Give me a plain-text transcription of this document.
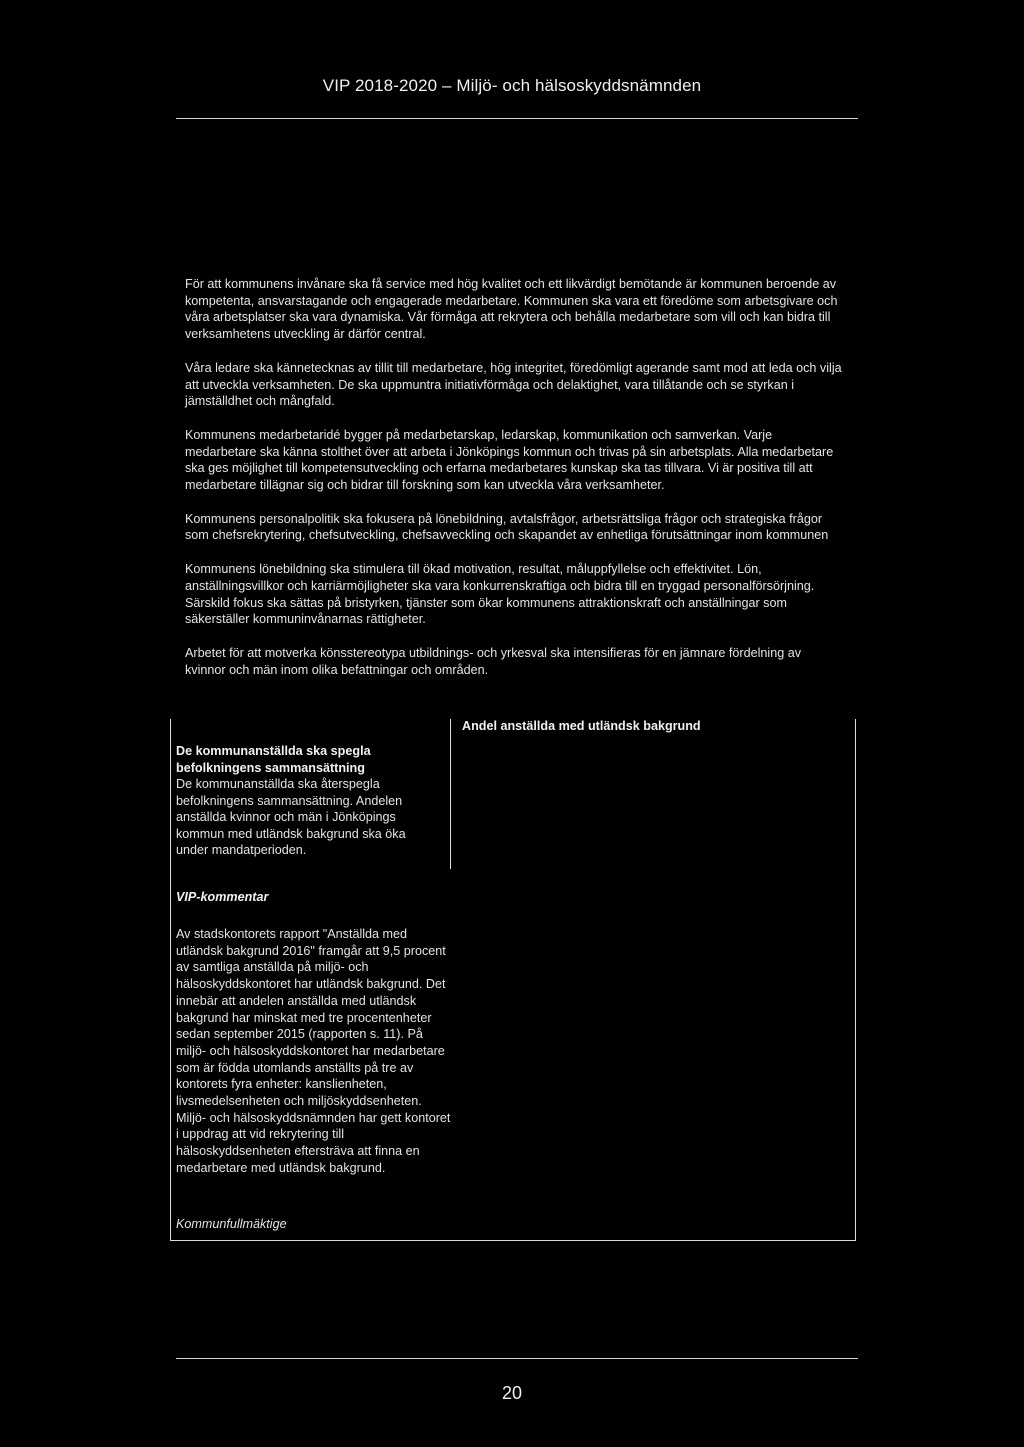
VIP 2018-2020 – Miljö- och hälsoskyddsnämnden

För att kommunens invånare ska få service med hög kvalitet och ett likvärdigt bemötande är kommunen beroende av kompetenta, ansvarstagande och engagerade medarbetare. Kommunen ska vara ett föredöme som arbetsgivare och våra arbetsplatser ska vara dynamiska. Vår förmåga att rekrytera och behålla medarbetare som vill och kan bidra till verksamhetens utveckling är därför central.

Våra ledare ska kännetecknas av tillit till medarbetare, hög integritet, föredömligt agerande samt mod att leda och vilja att utveckla verksamheten. De ska uppmuntra initiativförmåga och delaktighet, vara tillåtande och se styrkan i jämställdhet och mångfald.

Kommunens medarbetaridé bygger på medarbetarskap, ledarskap, kommunikation och samverkan. Varje medarbetare ska känna stolthet över att arbeta i Jönköpings kommun och trivas på sin arbetsplats. Alla medarbetare ska ges möjlighet till kompetensutveckling och erfarna medarbetares kunskap ska tas tillvara. Vi är positiva till att medarbetare tillägnar sig och bidrar till forskning som kan utveckla våra verksamheter.

Kommunens personalpolitik ska fokusera på lönebildning, avtalsfrågor, arbetsrättsliga frågor och strategiska frågor som chefsrekrytering, chefsutveckling, chefsavveckling och skapandet av enhetliga förutsättningar inom kommunen

Kommunens lönebildning ska stimulera till ökad motivation, resultat, måluppfyllelse och effektivitet. Lön, anställningsvillkor och karriärmöjligheter ska vara konkurrenskraftiga och bidra till en tryggad personalförsörjning. Särskild fokus ska sättas på bristyrken, tjänster som ökar kommunens attraktionskraft och anställningar som säkerställer kommuninvånarnas rättigheter.

Arbetet för att motverka könsstereotypa utbildnings- och yrkesval ska intensifieras för en jämnare fördelning av kvinnor och män inom olika befattningar och områden.

De kommunanställda ska spegla befolkningens sammansättning

De kommunanställda ska återspegla befolkningens sammansättning. Andelen anställda kvinnor och män i Jönköpings kommun med utländsk bakgrund ska öka under mandatperioden.

Andel anställda med utländsk bakgrund
VIP-kommentar
Av stadskontorets rapport "Anställda med utländsk bakgrund 2016" framgår att 9,5 procent av samtliga anställda på miljö- och hälsoskyddskontoret har utländsk bakgrund. Det innebär att andelen anställda med utländsk bakgrund har minskat med tre procentenheter sedan september 2015 (rapporten s. 11). På miljö- och hälsoskyddskontoret har medarbetare som är födda utomlands anställts på tre av kontorets fyra enheter: kanslienheten, livsmedelsenheten och miljöskyddsenheten. Miljö- och hälsoskyddsnämnden har gett kontoret i uppdrag att vid rekrytering till hälsoskyddsenheten eftersträva att finna en medarbetare med utländsk bakgrund.
Kommunfullmäktige
20
